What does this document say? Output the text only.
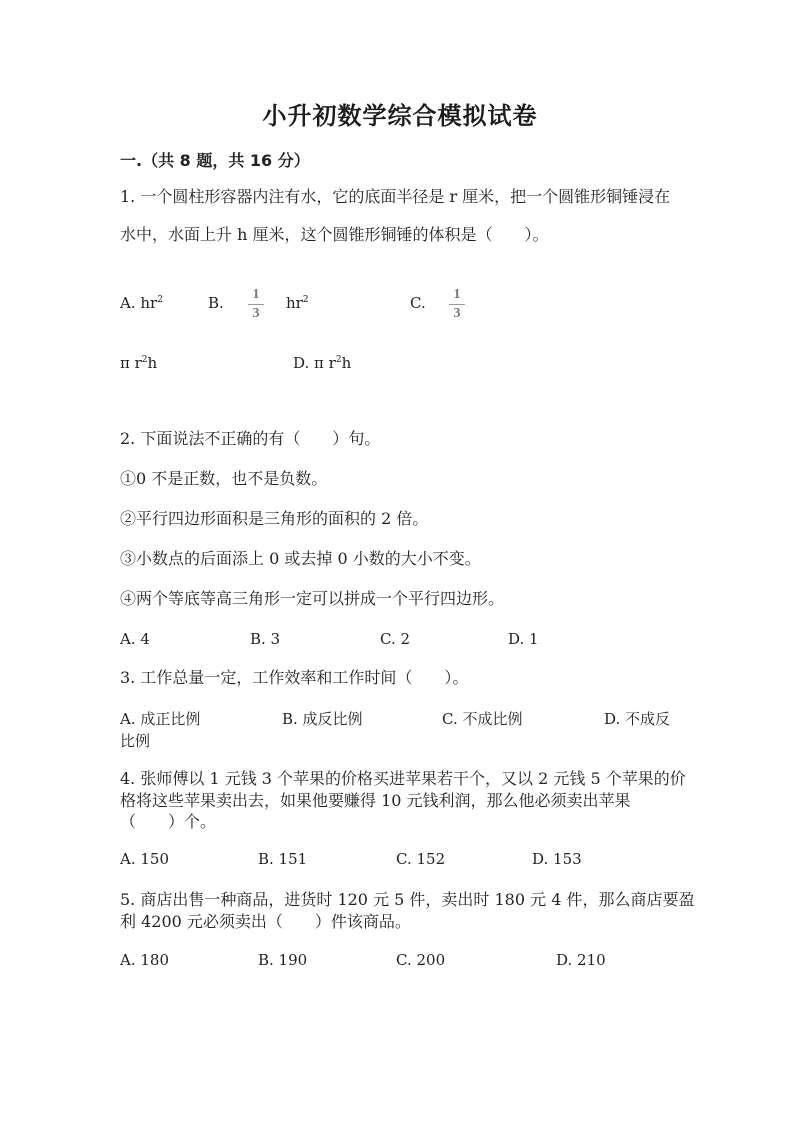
小升初数学综合模拟试卷
一.（共 8 题，共 16 分）
1. 一个圆柱形容器内注有水，它的底面半径是 r 厘米，把一个圆锥形铜锤浸在
水中，水面上升 h 厘米，这个圆锥形铜锤的体积是（　　）。
A. $hr^2$	B.	1
3
$hr^2$	C.	1
3
π $r^2h$	D. π $r^2h$
2. 下面说法不正确的有（　　）句。
①0 不是正数，也不是负数。
②平行四边形面积是三角形的面积的 2 倍。
③小数点的后面添上 0 或去掉 0 小数的大小不变。
④两个等底等高三角形一定可以拼成一个平行四边形。
A. 4	B. 3	C. 2	D. 1
3. 工作总量一定，工作效率和工作时间（　　）。
A. 成正比例	B. 成反比例	C. 不成比例	D. 不成反
比例
4. 张师傅以 1 元钱 3 个苹果的价格买进苹果若干个，又以 2 元钱 5 个苹果的价
格将这些苹果卖出去，如果他要赚得 10 元钱利润，那么他必须卖出苹果
（　　）个。
A. 150	B. 151	C. 152	D. 153
5. 商店出售一种商品，进货时 120 元 5 件，卖出时 180 元 4 件，那么商店要盈
利 4200 元必须卖出（　　）件该商品。
A. 180	B. 190	C. 200	D. 210
